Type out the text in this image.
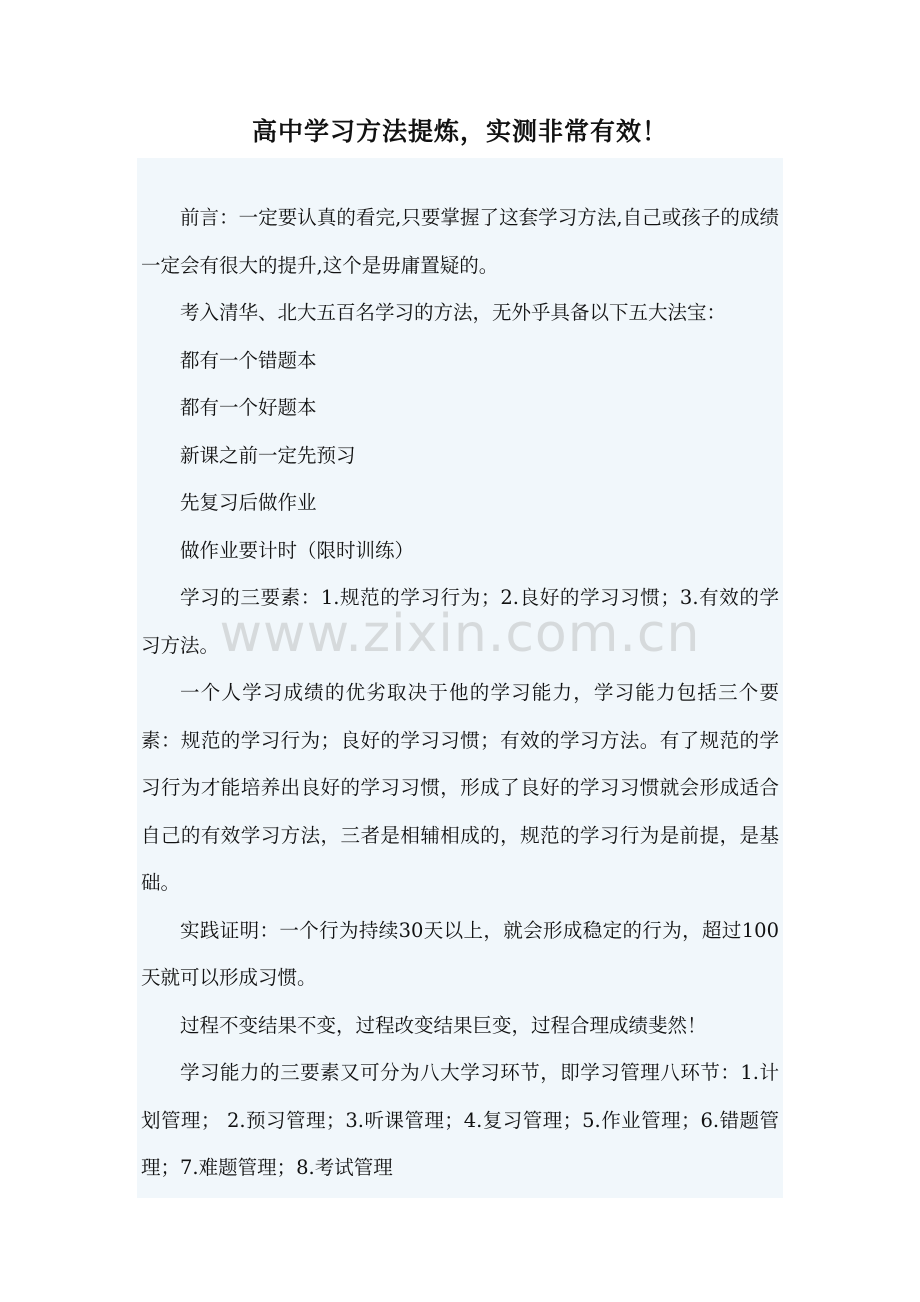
高中学习方法提炼，实测非常有效！

前言：一定要认真的看完,只要掌握了这套学习方法,自己或孩子的成绩一定会有很大的提升,这个是毋庸置疑的。

考入清华、北大五百名学习的方法，无外乎具备以下五大法宝：

都有一个错题本

都有一个好题本

新课之前一定先预习

先复习后做作业

做作业要计时（限时训练）

学习的三要素：1.规范的学习行为；2.良好的学习习惯；3.有效的学习方法。

一个人学习成绩的优劣取决于他的学习能力，学习能力包括三个要素：规范的学习行为；良好的学习习惯；有效的学习方法。有了规范的学习行为才能培养出良好的学习习惯，形成了良好的学习习惯就会形成适合自己的有效学习方法，三者是相辅相成的，规范的学习行为是前提，是基础。

实践证明：一个行为持续30天以上，就会形成稳定的行为，超过100天就可以形成习惯。

过程不变结果不变，过程改变结果巨变，过程合理成绩斐然！

学习能力的三要素又可分为八大学习环节，即学习管理八环节：1.计划管理； 2.预习管理；3.听课管理；4.复习管理；5.作业管理；6.错题管理；7.难题管理；8.考试管理

www.zixin.com.cn
